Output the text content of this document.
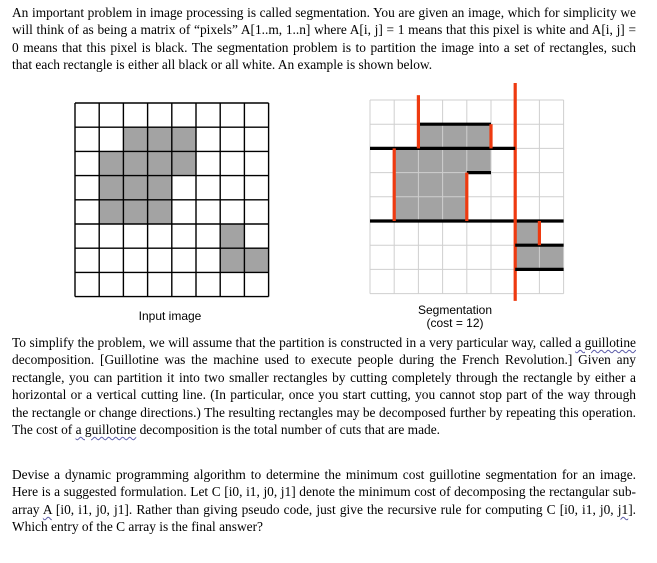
An important problem in image processing is called segmentation. You are given an image, which for simplicity we will think of as being a matrix of “pixels” A[1..m, 1..n] where A[i, j] = 1 means that this pixel is white and A[i, j] = 0 means that this pixel is black. The segmentation problem is to partition the image into a set of rectangles, such that each rectangle is either all black or all white. An example is shown below.

Input image	Segmentation
(cost = 12)

To simplify the problem, we will assume that the partition is constructed in a very particular way, called a guillotine decomposition. [Guillotine was the machine used to execute people during the French Revolution.] Given any rectangle, you can partition it into two smaller rectangles by cutting completely through the rectangle by either a horizontal or a vertical cutting line. (In particular, once you start cutting, you cannot stop part of the way through the rectangle or change directions.) The resulting rectangles may be decomposed further by repeating this operation. The cost of a guillotine decomposition is the total number of cuts that are made.

Devise a dynamic programming algorithm to determine the minimum cost guillotine segmentation for an image. Here is a suggested formulation. Let C [i0, i1, j0, j1] denote the minimum cost of decomposing the rectangular sub-array A [i0, i1, j0, j1]. Rather than giving pseudo code, just give the recursive rule for computing C [i0, i1, j0, j1]. Which entry of the C array is the final answer?
